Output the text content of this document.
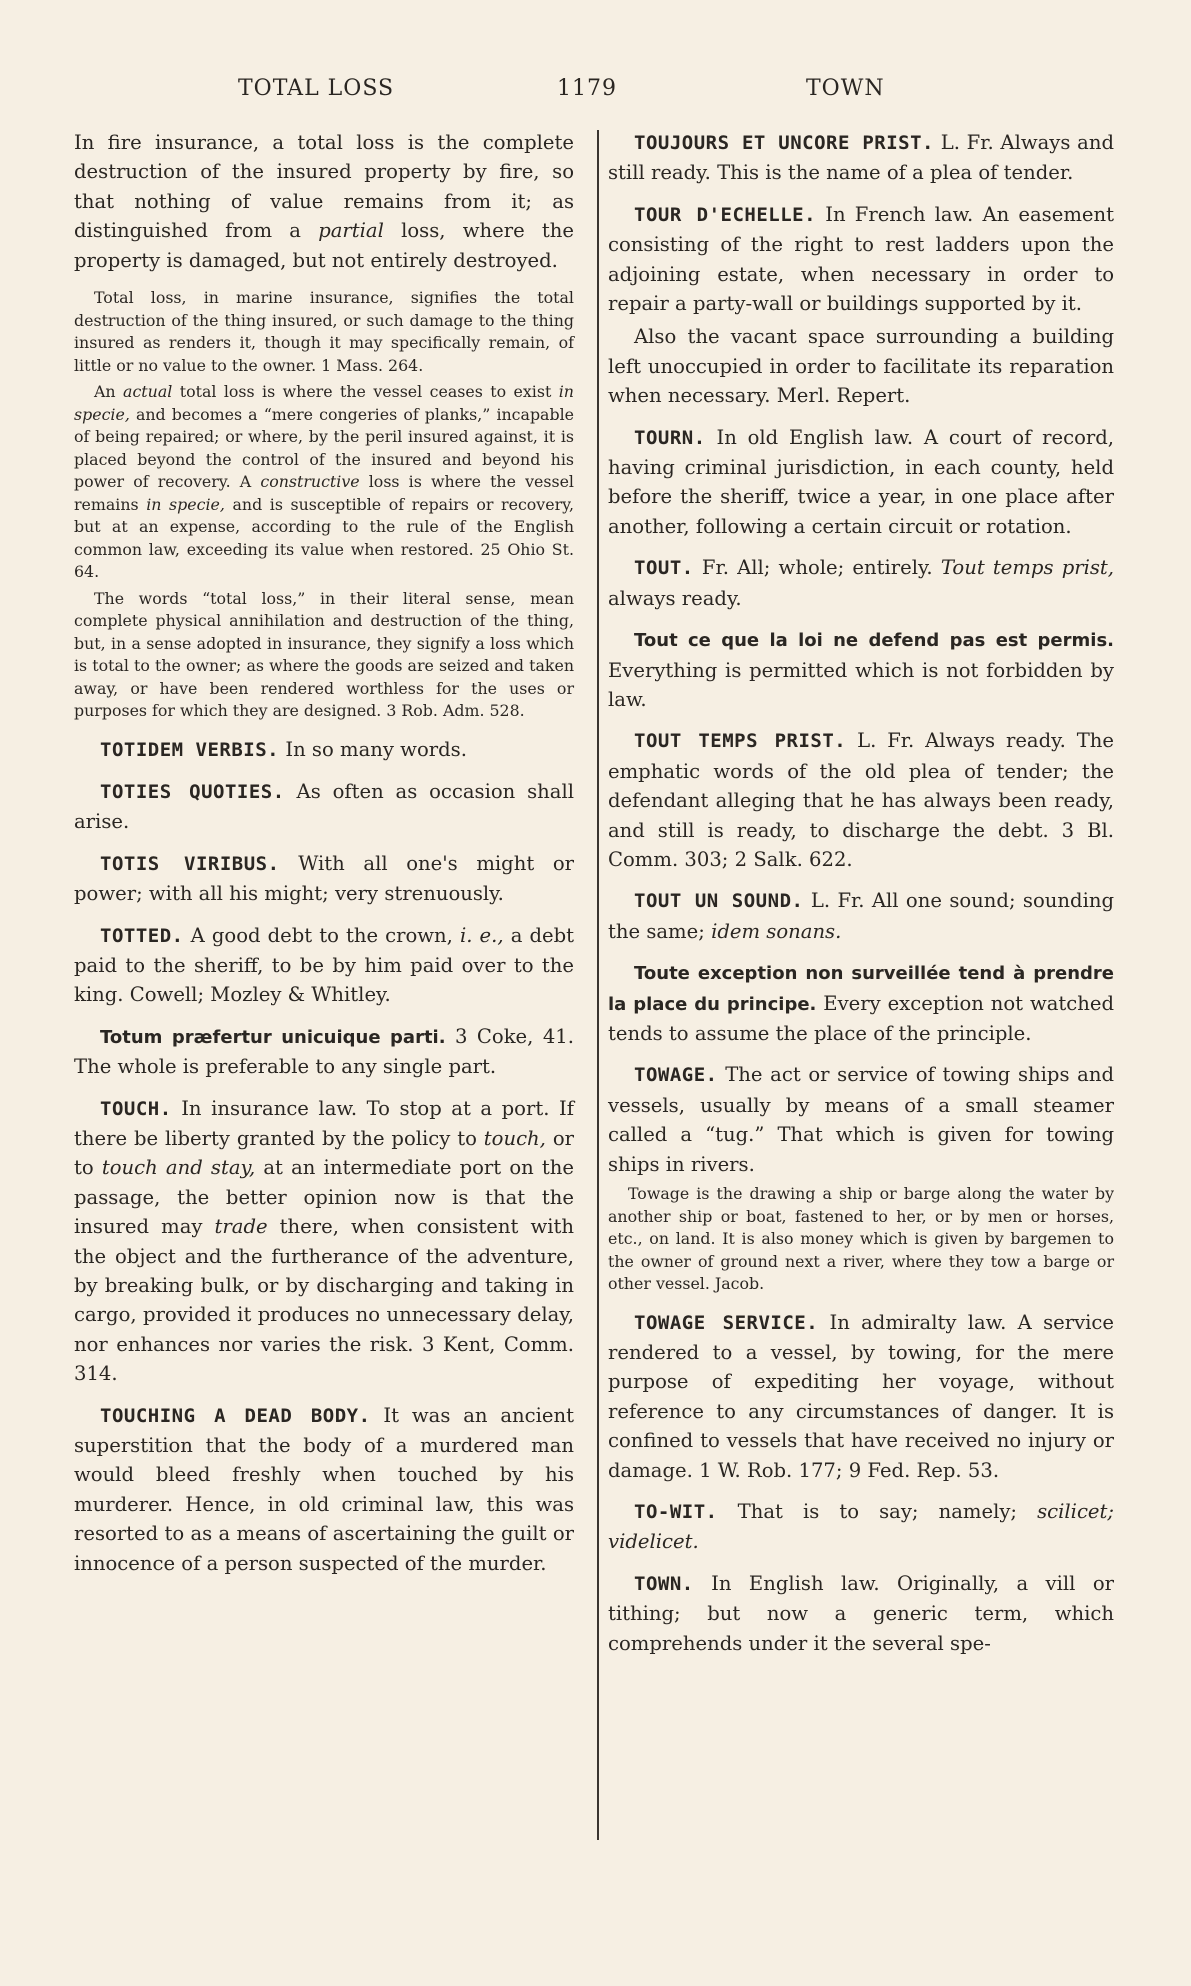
TOTAL LOSS	1179	TOWN

In fire insurance, a total loss is the complete destruction of the insured property by fire, so that nothing of value remains from it; as distinguished from a partial loss, where the property is damaged, but not entirely destroyed.

Total loss, in marine insurance, signifies the total destruction of the thing insured, or such damage to the thing insured as renders it, though it may specifically remain, of little or no value to the owner. 1 Mass. 264.

An actual total loss is where the vessel ceases to exist in specie, and becomes a “mere congeries of planks,” incapable of being repaired; or where, by the peril insured against, it is placed beyond the control of the insured and beyond his power of recovery. A constructive loss is where the vessel remains in specie, and is susceptible of repairs or recovery, but at an expense, according to the rule of the English common law, exceeding its value when restored. 25 Ohio St. 64.

The words “total loss,” in their literal sense, mean complete physical annihilation and destruction of the thing, but, in a sense adopted in insurance, they signify a loss which is total to the owner; as where the goods are seized and taken away, or have been rendered worthless for the uses or purposes for which they are designed. 3 Rob. Adm. 528.

TOTIDEM VERBIS. In so many words.

TOTIES QUOTIES. As often as occasion shall arise.

TOTIS VIRIBUS. With all one's might or power; with all his might; very strenuously.

TOTTED. A good debt to the crown, i. e., a debt paid to the sheriff, to be by him paid over to the king. Cowell; Mozley & Whitley.

Totum præfertur unicuique parti. 3 Coke, 41. The whole is preferable to any single part.

TOUCH. In insurance law. To stop at a port. If there be liberty granted by the policy to touch, or to touch and stay, at an intermediate port on the passage, the better opinion now is that the insured may trade there, when consistent with the object and the furtherance of the adventure, by breaking bulk, or by discharging and taking in cargo, provided it produces no unnecessary delay, nor enhances nor varies the risk. 3 Kent, Comm. 314.

TOUCHING A DEAD BODY. It was an ancient superstition that the body of a murdered man would bleed freshly when touched by his murderer. Hence, in old criminal law, this was resorted to as a means of ascertaining the guilt or innocence of a person suspected of the murder.

TOUJOURS ET UNCORE PRIST. L. Fr. Always and still ready. This is the name of a plea of tender.

TOUR D'ECHELLE. In French law. An easement consisting of the right to rest ladders upon the adjoining estate, when necessary in order to repair a party-wall or buildings supported by it.

Also the vacant space surrounding a building left unoccupied in order to facilitate its reparation when necessary. Merl. Repert.

TOURN. In old English law. A court of record, having criminal jurisdiction, in each county, held before the sheriff, twice a year, in one place after another, following a certain circuit or rotation.

TOUT. Fr. All; whole; entirely. Tout temps prist, always ready.

Tout ce que la loi ne defend pas est permis. Everything is permitted which is not forbidden by law.

TOUT TEMPS PRIST. L. Fr. Always ready. The emphatic words of the old plea of tender; the defendant alleging that he has always been ready, and still is ready, to discharge the debt. 3 Bl. Comm. 303; 2 Salk. 622.

TOUT UN SOUND. L. Fr. All one sound; sounding the same; idem sonans.

Toute exception non surveillée tend à prendre la place du principe. Every exception not watched tends to assume the place of the principle.

TOWAGE. The act or service of towing ships and vessels, usually by means of a small steamer called a “tug.” That which is given for towing ships in rivers.

Towage is the drawing a ship or barge along the water by another ship or boat, fastened to her, or by men or horses, etc., on land. It is also money which is given by bargemen to the owner of ground next a river, where they tow a barge or other vessel. Jacob.

TOWAGE SERVICE. In admiralty law. A service rendered to a vessel, by towing, for the mere purpose of expediting her voyage, without reference to any circumstances of danger. It is confined to vessels that have received no injury or damage. 1 W. Rob. 177; 9 Fed. Rep. 53.

TO-WIT. That is to say; namely; scilicet; videlicet.

TOWN. In English law. Originally, a vill or tithing; but now a generic term, which comprehends under it the several spe-
